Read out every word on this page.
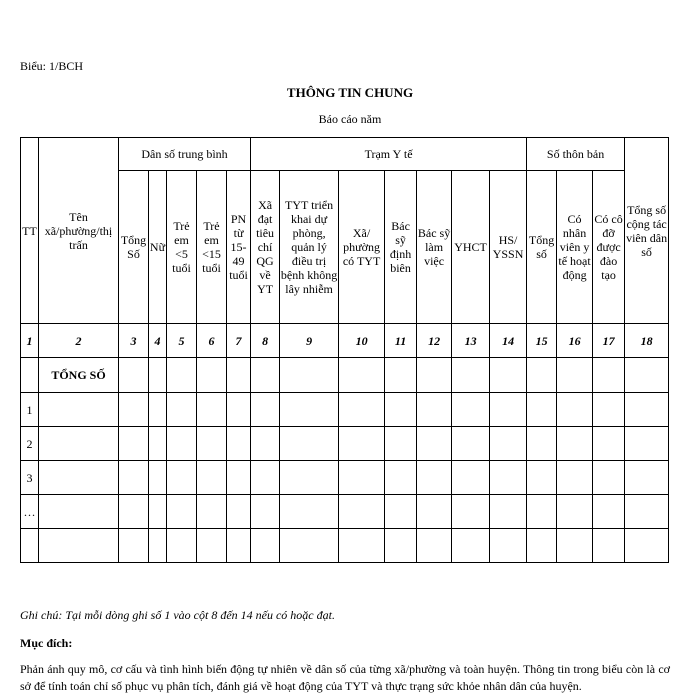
Biểu: 1/BCH
THÔNG TIN CHUNG
Báo cáo năm
TT	Tên xã/phường/thị trấn	Dân số trung bình					Trạm Y tế							Số thôn bản			Tổng số cộng tác viên dân số
		Tổng Số	Nữ	Trẻ em <5 tuổi	Trẻ em <15 tuổi	PN từ 15-49 tuổi	Xã đạt tiêu chí QG về YT	TYT triển khai dự phòng, quản lý điều trị bệnh không lây nhiễm	Xã/ phường có TYT	Bác sỹ định biên	Bác sỹ làm việc	YHCT	HS/ YSSN	Tổng số	Có nhân viên y tế hoạt động	Có cô đỡ được đào tạo	
1	2	3	4	5	6	7	8	9	10	11	12	13	14	15	16	17	18
	TỔNG SỐ																
1																	
2																	
3																	
…																	

Ghi chú: Tại mỗi dòng ghi số 1 vào cột 8 đến 14 nếu có hoặc đạt.
Mục đích:
Phản ánh quy mô, cơ cấu và tình hình biến động tự nhiên về dân số của từng xã/phường và toàn huyện. Thông tin trong biểu còn là cơ sở để tính toán chỉ số phục vụ phân tích, đánh giá về hoạt động của TYT và thực trạng sức khỏe nhân dân của huyện.
